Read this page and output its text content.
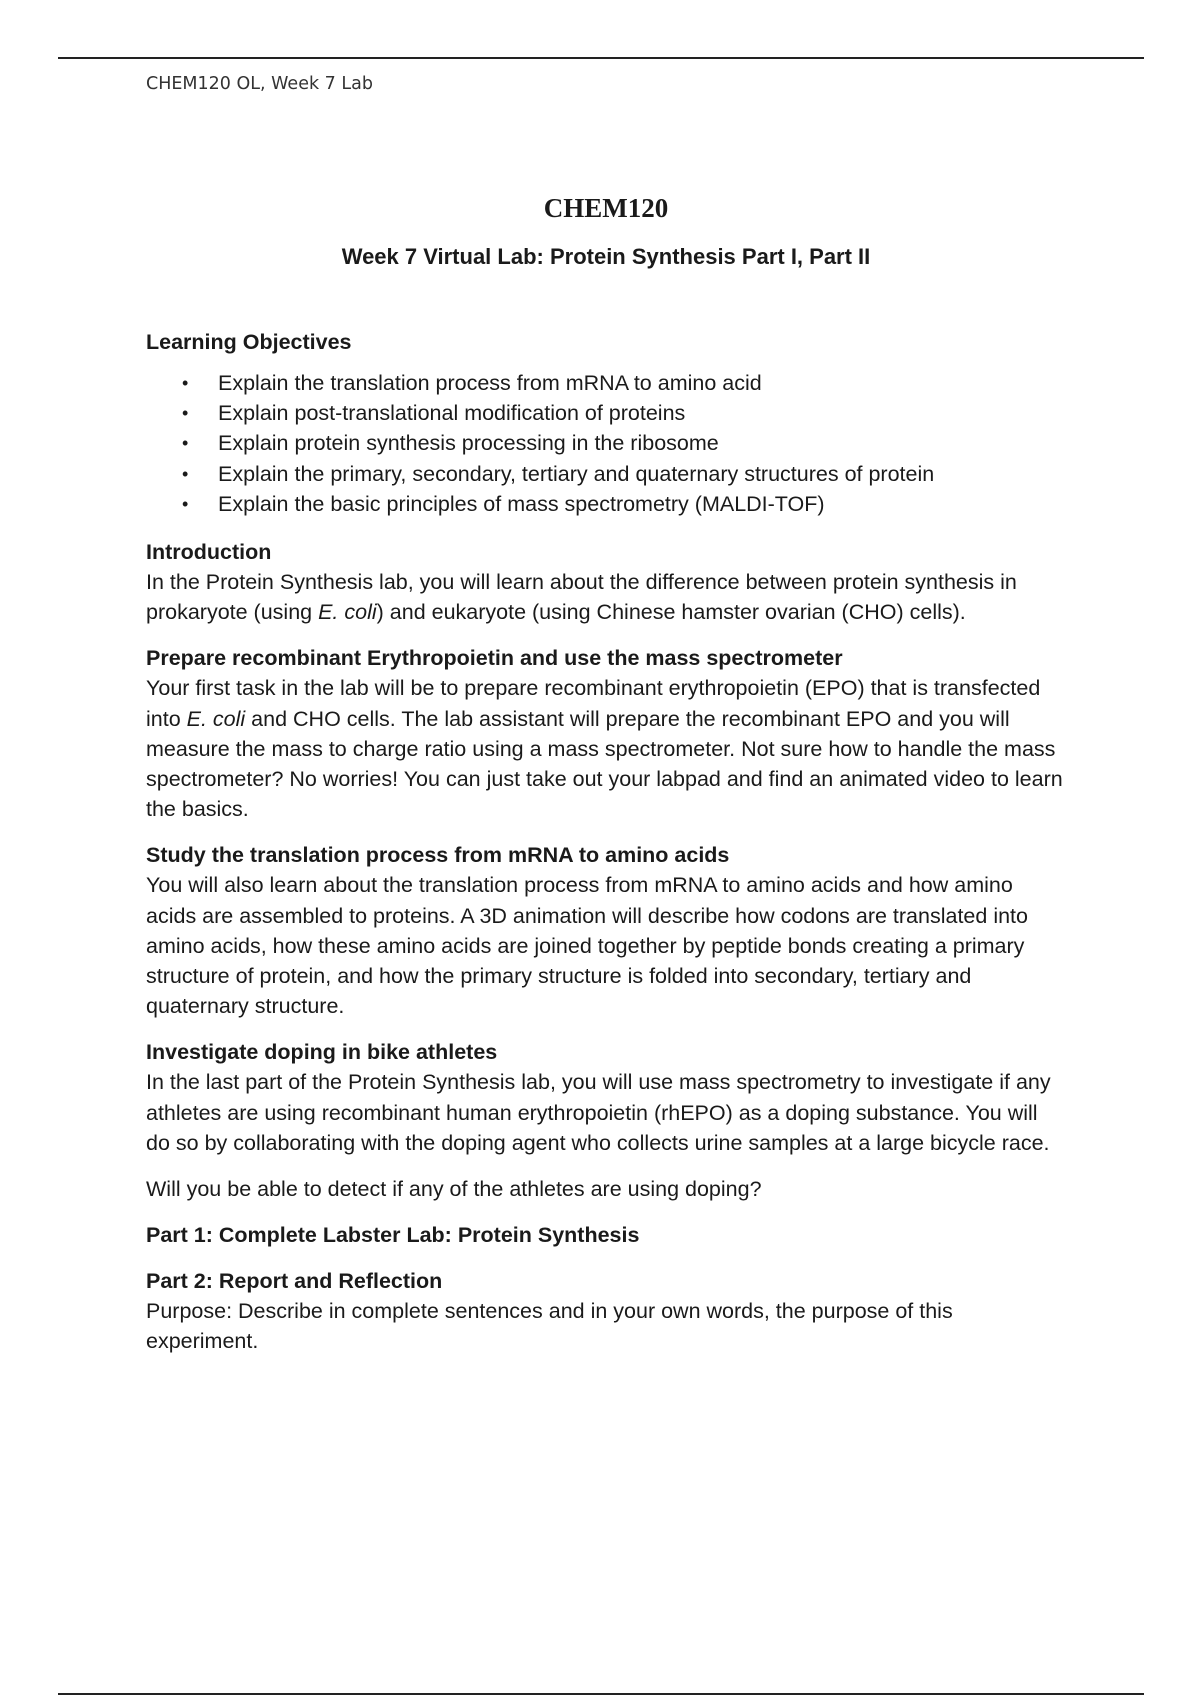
CHEM120 OL, Week 7 Lab
CHEM120
Week 7 Virtual Lab: Protein Synthesis Part I, Part II
Learning Objectives
• Explain the translation process from mRNA to amino acid
• Explain post-translational modification of proteins
• Explain protein synthesis processing in the ribosome
• Explain the primary, secondary, tertiary and quaternary structures of protein
• Explain the basic principles of mass spectrometry (MALDI-TOF)
Introduction

In the Protein Synthesis lab, you will learn about the difference between protein synthesis in prokaryote (using E. coli) and eukaryote (using Chinese hamster ovarian (CHO) cells).

Prepare recombinant Erythropoietin and use the mass spectrometer

Your first task in the lab will be to prepare recombinant erythropoietin (EPO) that is transfected into E. coli and CHO cells. The lab assistant will prepare the recombinant EPO and you will measure the mass to charge ratio using a mass spectrometer. Not sure how to handle the mass spectrometer? No worries! You can just take out your labpad and find an animated video to learn the basics.

Study the translation process from mRNA to amino acids

You will also learn about the translation process from mRNA to amino acids and how amino acids are assembled to proteins. A 3D animation will describe how codons are translated into amino acids, how these amino acids are joined together by peptide bonds creating a primary structure of protein, and how the primary structure is folded into secondary, tertiary and quaternary structure.

Investigate doping in bike athletes

In the last part of the Protein Synthesis lab, you will use mass spectrometry to investigate if any athletes are using recombinant human erythropoietin (rhEPO) as a doping substance. You will do so by collaborating with the doping agent who collects urine samples at a large bicycle race.

Will you be able to detect if any of the athletes are using doping?

Part 1: Complete Labster Lab: Protein Synthesis
Part 2: Report and Reflection

Purpose: Describe in complete sentences and in your own words, the purpose of this experiment.
